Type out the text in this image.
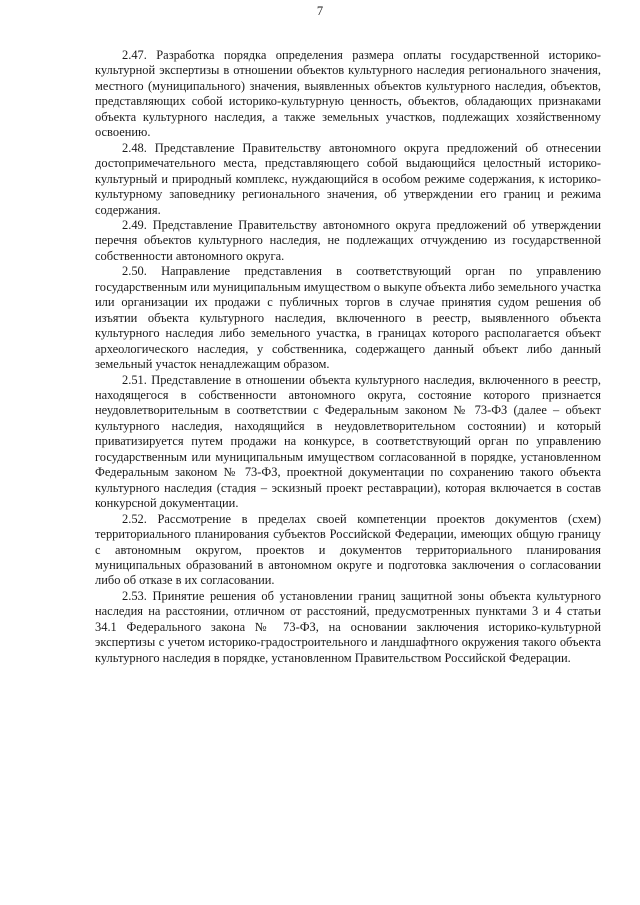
7

2.47. Разработка порядка определения размера оплаты государственной историко-культурной экспертизы в отношении объектов культурного наследия регионального значения, местного (муниципального) значения, выявленных объектов культурного наследия, объектов, представляющих собой историко-культурную ценность, объектов, обладающих признаками объекта культурного наследия, а также земельных участков, подлежащих хозяйственному освоению.

2.48. Представление Правительству автономного округа предложений об отнесении достопримечательного места, представляющего собой выдающийся целостный историко-культурный и природный комплекс, нуждающийся в особом режиме содержания, к историко-культурному заповеднику регионального значения, об утверждении его границ и режима содержания.

2.49. Представление Правительству автономного округа предложений об утверждении перечня объектов культурного наследия, не подлежащих отчуждению из государственной собственности автономного округа.

2.50. Направление представления в соответствующий орган по управлению государственным или муниципальным имуществом о выкупе объекта либо земельного участка или организации их продажи с публичных торгов в случае принятия судом решения об изъятии объекта культурного наследия, включенного в реестр, выявленного объекта культурного наследия либо земельного участка, в границах которого располагается объект археологического наследия, у собственника, содержащего данный объект либо данный земельный участок ненадлежащим образом.

2.51. Представление в отношении объекта культурного наследия, включенного в реестр, находящегося в собственности автономного округа, состояние которого признается неудовлетворительным в соответствии с Федеральным законом № 73-ФЗ (далее – объект культурного наследия, находящийся в неудовлетворительном состоянии) и который приватизируется путем продажи на конкурсе, в соответствующий орган по управлению государственным или муниципальным имуществом согласованной в порядке, установленном Федеральным законом № 73-ФЗ, проектной документации по сохранению такого объекта культурного наследия (стадия – эскизный проект реставрации), которая включается в состав конкурсной документации.

2.52. Рассмотрение в пределах своей компетенции проектов документов (схем) территориального планирования субъектов Российской Федерации, имеющих общую границу с автономным округом, проектов и документов территориального планирования муниципальных образований в автономном округе и подготовка заключения о согласовании либо об отказе в их согласовании.

2.53. Принятие решения об установлении границ защитной зоны объекта культурного наследия на расстоянии, отличном от расстояний, предусмотренных пунктами 3 и 4 статьи 34.1 Федерального закона № 73-ФЗ, на основании заключения историко-культурной экспертизы с учетом историко-градостроительного и ландшафтного окружения такого объекта культурного наследия в порядке, установленном Правительством Российской Федерации.
